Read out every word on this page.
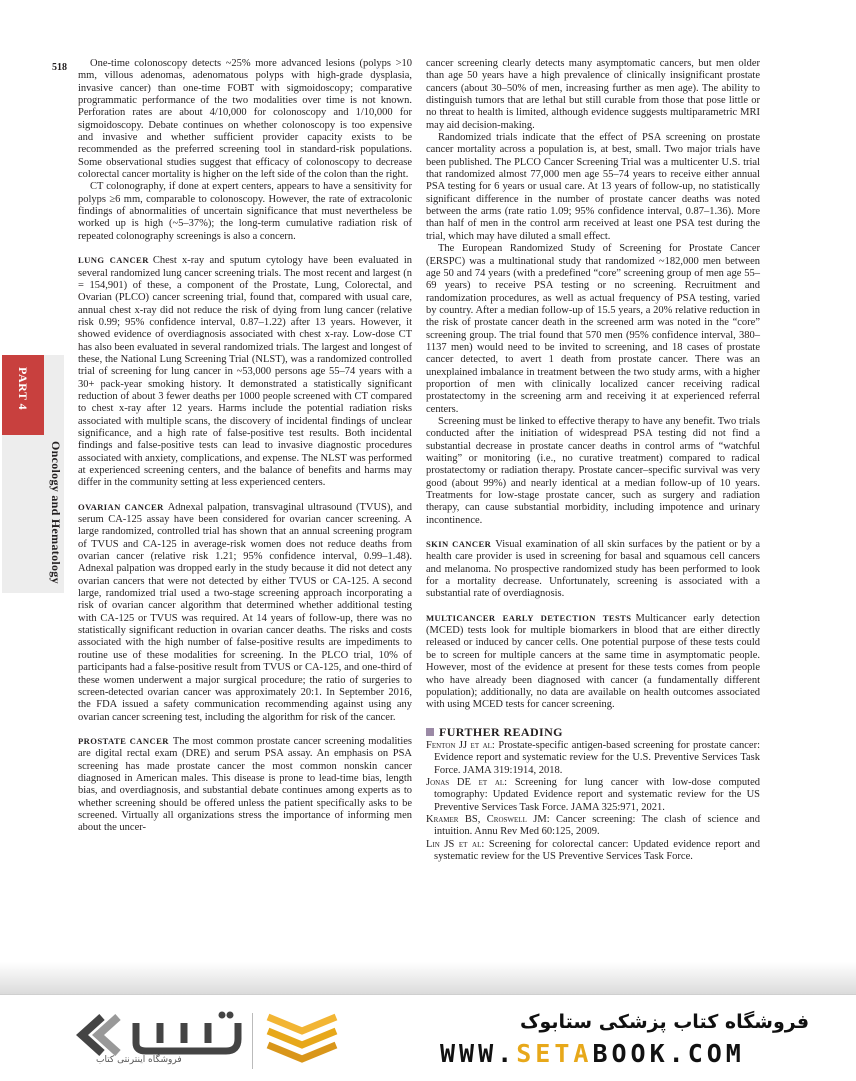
518
PART 4
Oncology and Hematology

One-time colonoscopy detects ~25% more advanced lesions (polyps >10 mm, villous adenomas, adenomatous polyps with high-grade dysplasia, invasive cancer) than one-time FOBT with sigmoidoscopy; comparative programmatic performance of the two modalities over time is not known. Perforation rates are about 4/10,000 for colonoscopy and 1/10,000 for sigmoidoscopy. Debate continues on whether colonoscopy is too expensive and invasive and whether sufficient provider capacity exists to be recommended as the preferred screening tool in standard-risk populations. Some observational studies suggest that efficacy of colonoscopy to decrease colorectal cancer mortality is higher on the left side of the colon than the right.

CT colonography, if done at expert centers, appears to have a sensitivity for polyps ≥6 mm, comparable to colonoscopy. However, the rate of extracolonic findings of abnormalities of uncertain significance that must nevertheless be worked up is high (~5–37%); the long-term cumulative radiation risk of repeated colonography screenings is also a concern.

LUNG CANCER Chest x-ray and sputum cytology have been evaluated in several randomized lung cancer screening trials. The most recent and largest (n = 154,901) of these, a component of the Prostate, Lung, Colorectal, and Ovarian (PLCO) cancer screening trial, found that, compared with usual care, annual chest x-ray did not reduce the risk of dying from lung cancer (relative risk 0.99; 95% confidence interval, 0.87–1.22) after 13 years. However, it showed evidence of overdiagnosis associated with chest x-ray. Low-dose CT has also been evaluated in several randomized trials. The largest and longest of these, the National Lung Screening Trial (NLST), was a randomized controlled trial of screening for lung cancer in ~53,000 persons age 55–74 years with a 30+ pack-year smoking history. It demonstrated a statistically significant reduction of about 3 fewer deaths per 1000 people screened with CT compared to chest x-ray after 12 years. Harms include the potential radiation risks associated with multiple scans, the discovery of incidental findings of unclear significance, and a high rate of false-positive test results. Both incidental findings and false-positive tests can lead to invasive diagnostic procedures associated with anxiety, complications, and expense. The NLST was performed at experienced screening centers, and the balance of benefits and harms may differ in the community setting at less experienced centers.

OVARIAN CANCER Adnexal palpation, transvaginal ultrasound (TVUS), and serum CA-125 assay have been considered for ovarian cancer screening. A large randomized, controlled trial has shown that an annual screening program of TVUS and CA-125 in average-risk women does not reduce deaths from ovarian cancer (relative risk 1.21; 95% confidence interval, 0.99–1.48). Adnexal palpation was dropped early in the study because it did not detect any ovarian cancers that were not detected by either TVUS or CA-125. A second large, randomized trial used a two-stage screening approach incorporating a risk of ovarian cancer algorithm that determined whether additional testing with CA-125 or TVUS was required. At 14 years of follow-up, there was no statistically significant reduction in ovarian cancer deaths. The risks and costs associated with the high number of false-positive results are impediments to routine use of these modalities for screening. In the PLCO trial, 10% of participants had a false-positive result from TVUS or CA-125, and one-third of these women underwent a major surgical procedure; the ratio of surgeries to screen-detected ovarian cancer was approximately 20:1. In September 2016, the FDA issued a safety communication recommending against using any ovarian cancer screening test, including the algorithm for risk of the cancer.

PROSTATE CANCER The most common prostate cancer screening modalities are digital rectal exam (DRE) and serum PSA assay. An emphasis on PSA screening has made prostate cancer the most common nonskin cancer diagnosed in American males. This disease is prone to lead-time bias, length bias, and overdiagnosis, and substantial debate continues among experts as to whether screening should be offered unless the patient specifically asks to be screened. Virtually all organizations stress the importance of informing men about the uncer-

cancer screening clearly detects many asymptomatic cancers, but men older than age 50 years have a high prevalence of clinically insignificant prostate cancers (about 30–50% of men, increasing further as men age). The ability to distinguish tumors that are lethal but still curable from those that pose little or no threat to health is limited, although evidence suggests multiparametric MRI may aid decision-making.

Randomized trials indicate that the effect of PSA screening on prostate cancer mortality across a population is, at best, small. Two major trials have been published. The PLCO Cancer Screening Trial was a multicenter U.S. trial that randomized almost 77,000 men age 55–74 years to receive either annual PSA testing for 6 years or usual care. At 13 years of follow-up, no statistically significant difference in the number of prostate cancer deaths was noted between the arms (rate ratio 1.09; 95% confidence interval, 0.87–1.36). More than half of men in the control arm received at least one PSA test during the trial, which may have diluted a small effect.

The European Randomized Study of Screening for Prostate Cancer (ERSPC) was a multinational study that randomized ~182,000 men between age 50 and 74 years (with a predefined “core” screening group of men age 55–69 years) to receive PSA testing or no screening. Recruitment and randomization procedures, as well as actual frequency of PSA testing, varied by country. After a median follow-up of 15.5 years, a 20% relative reduction in the risk of prostate cancer death in the screened arm was noted in the “core” screening group. The trial found that 570 men (95% confidence interval, 380–1137 men) would need to be invited to screening, and 18 cases of prostate cancer detected, to avert 1 death from prostate cancer. There was an unexplained imbalance in treatment between the two study arms, with a higher proportion of men with clinically localized cancer receiving radical prostatectomy in the screening arm and receiving it at experienced referral centers.

Screening must be linked to effective therapy to have any benefit. Two trials conducted after the initiation of widespread PSA testing did not find a substantial decrease in prostate cancer deaths in control arms of “watchful waiting” or monitoring (i.e., no curative treatment) compared to radical prostatectomy or radiation therapy. Prostate cancer–specific survival was very good (about 99%) and nearly identical at a median follow-up of 10 years. Treatments for low-stage prostate cancer, such as surgery and radiation therapy, can cause substantial morbidity, including impotence and urinary incontinence.

SKIN CANCER Visual examination of all skin surfaces by the patient or by a health care provider is used in screening for basal and squamous cell cancers and melanoma. No prospective randomized study has been performed to look for a mortality decrease. Unfortunately, screening is associated with a substantial rate of overdiagnosis.

MULTICANCER EARLY DETECTION TESTS Multicancer early detection (MCED) tests look for multiple biomarkers in blood that are either directly released or induced by cancer cells. One potential purpose of these tests could be to screen for multiple cancers at the same time in asymptomatic people. However, most of the evidence at present for these tests comes from people who have already been diagnosed with cancer (a fundamentally different population); additionally, no data are available on health outcomes associated with using MCED tests for cancer screening.

FURTHER READING

Fenton JJ et al: Prostate-specific antigen-based screening for prostate cancer: Evidence report and systematic review for the U.S. Preventive Services Task Force. JAMA 319:1914, 2018.

Jonas DE et al: Screening for lung cancer with low-dose computed tomography: Updated Evidence report and systematic review for the US Preventive Services Task Force. JAMA 325:971, 2021.

Kramer BS, Croswell JM: Cancer screening: The clash of science and intuition. Annu Rev Med 60:125, 2009.

Lin JS et al: Screening for colorectal cancer: Updated evidence report and systematic review for the US Preventive Services Task Force.

فروشگاه اینترنتی کتاب
فروشگاه کتاب پزشکی ستابوک
WWW.SETABOOK.COM
